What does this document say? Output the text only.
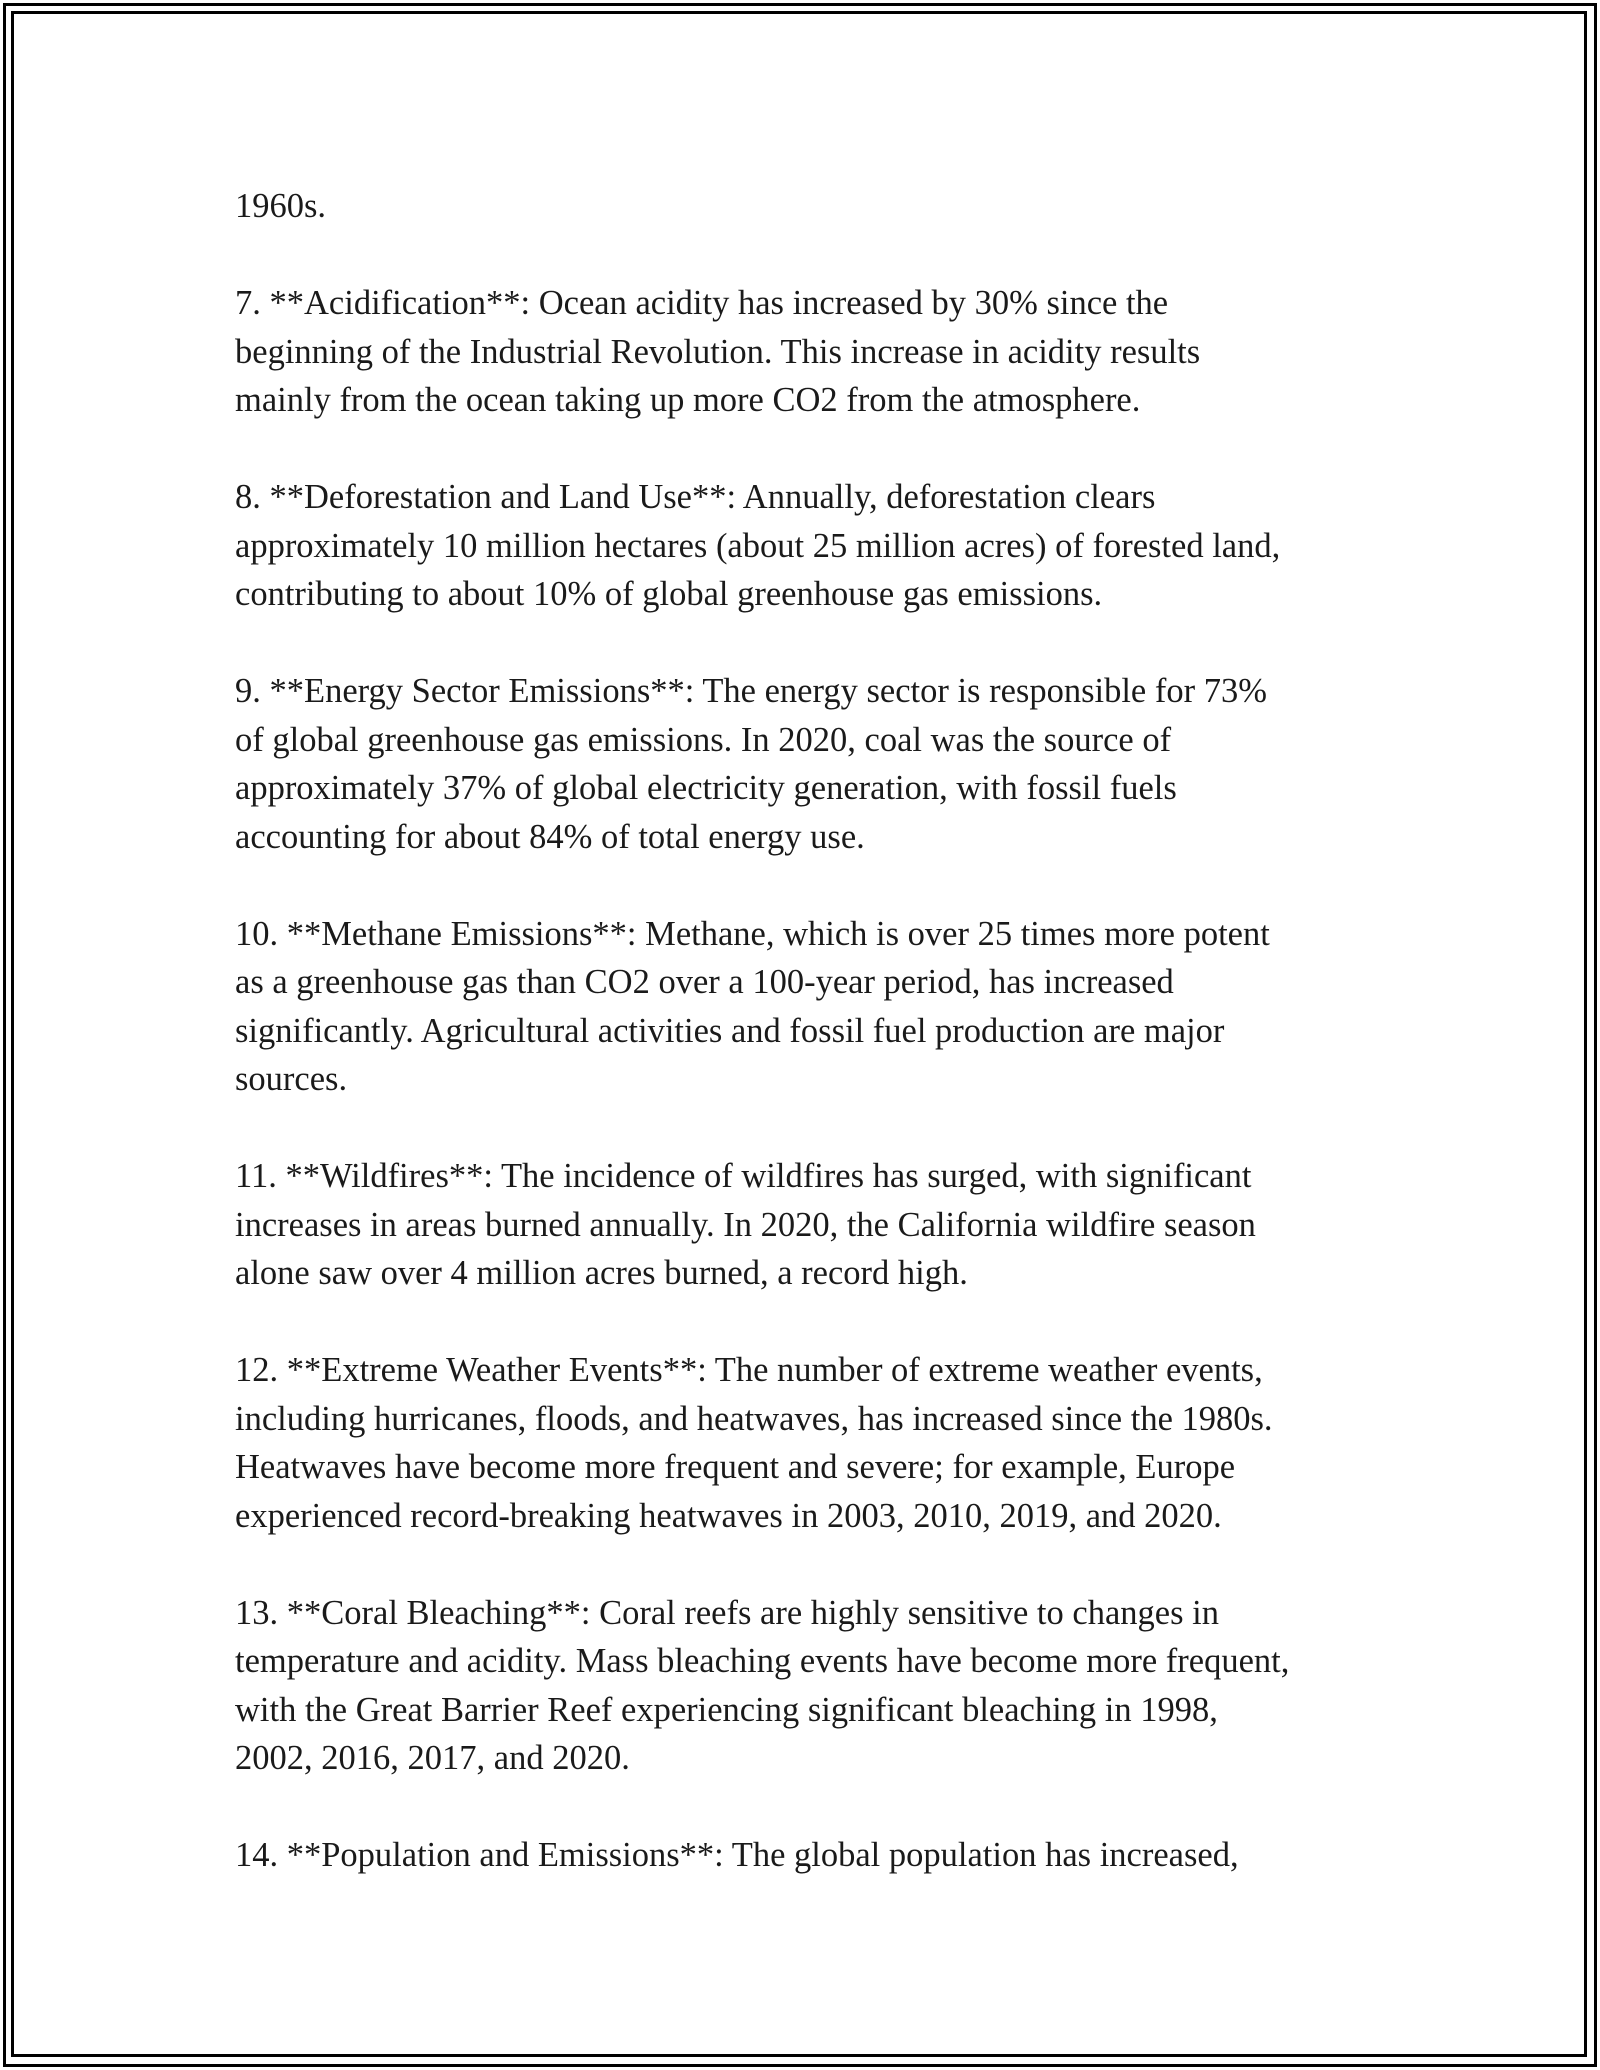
1960s.

7. **Acidification**: Ocean acidity has increased by 30% since the
beginning of the Industrial Revolution. This increase in acidity results
mainly from the ocean taking up more CO2 from the atmosphere.

8. **Deforestation and Land Use**: Annually, deforestation clears
approximately 10 million hectares (about 25 million acres) of forested land,
contributing to about 10% of global greenhouse gas emissions.

9. **Energy Sector Emissions**: The energy sector is responsible for 73%
of global greenhouse gas emissions. In 2020, coal was the source of
approximately 37% of global electricity generation, with fossil fuels
accounting for about 84% of total energy use.

10. **Methane Emissions**: Methane, which is over 25 times more potent
as a greenhouse gas than CO2 over a 100-year period, has increased
significantly. Agricultural activities and fossil fuel production are major
sources.

11. **Wildfires**: The incidence of wildfires has surged, with significant
increases in areas burned annually. In 2020, the California wildfire season
alone saw over 4 million acres burned, a record high.

12. **Extreme Weather Events**: The number of extreme weather events,
including hurricanes, floods, and heatwaves, has increased since the 1980s.
Heatwaves have become more frequent and severe; for example, Europe
experienced record-breaking heatwaves in 2003, 2010, 2019, and 2020.

13. **Coral Bleaching**: Coral reefs are highly sensitive to changes in
temperature and acidity. Mass bleaching events have become more frequent,
with the Great Barrier Reef experiencing significant bleaching in 1998,
2002, 2016, 2017, and 2020.

14. **Population and Emissions**: The global population has increased,
